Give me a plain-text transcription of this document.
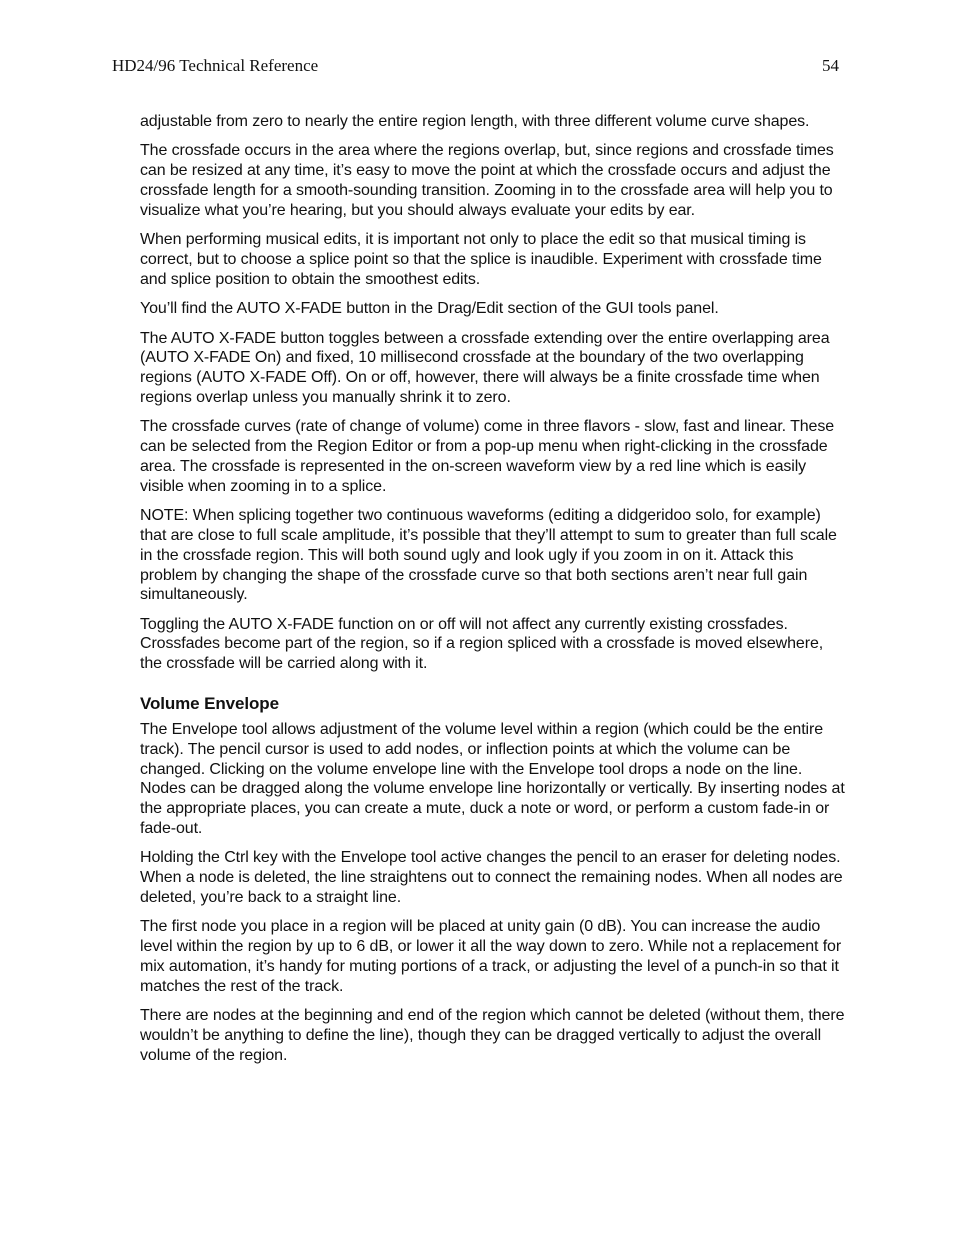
HD24/96 Technical Reference	54

adjustable from zero to nearly the entire region length, with three different volume curve shapes.

The crossfade occurs in the area where the regions overlap, but, since regions and crossfade times can be resized at any time, it’s easy to move the point at which the crossfade occurs and adjust the crossfade length for a smooth-sounding transition. Zooming in to the crossfade area will help you to visualize what you’re hearing, but you should always evaluate your edits by ear.

When performing musical edits, it is important not only to place the edit so that musical timing is correct, but to choose a splice point so that the splice is inaudible. Experiment with crossfade time and splice position to obtain the smoothest edits.

You’ll find the AUTO X-FADE button in the Drag/Edit section of the GUI tools panel.

The AUTO X-FADE button toggles between a crossfade extending over the entire overlapping area (AUTO X-FADE On) and fixed, 10 millisecond crossfade at the boundary of the two overlapping regions (AUTO X-FADE Off). On or off, however, there will always be a finite crossfade time when regions overlap unless you manually shrink it to zero.

The crossfade curves (rate of change of volume) come in three flavors - slow, fast and linear. These can be selected from the Region Editor or from a pop-up menu when right-clicking in the crossfade area. The crossfade is represented in the on-screen waveform view by a red line which is easily visible when zooming in to a splice.

NOTE: When splicing together two continuous waveforms (editing a didgeridoo solo, for example) that are close to full scale amplitude, it’s possible that they’ll attempt to sum to greater than full scale in the crossfade region. This will both sound ugly and look ugly if you zoom in on it. Attack this problem by changing the shape of the crossfade curve so that both sections aren’t near full gain simultaneously.

Toggling the AUTO X-FADE function on or off will not affect any currently existing crossfades. Crossfades become part of the region, so if a region spliced with a crossfade is moved elsewhere, the crossfade will be carried along with it.

Volume Envelope

The Envelope tool allows adjustment of the volume level within a region (which could be the entire track). The pencil cursor is used to add nodes, or inflection points at which the volume can be changed. Clicking on the volume envelope line with the Envelope tool drops a node on the line. Nodes can be dragged along the volume envelope line horizontally or vertically. By inserting nodes at the appropriate places, you can create a mute, duck a note or word, or perform a custom fade-in or fade-out.

Holding the Ctrl key with the Envelope tool active changes the pencil to an eraser for deleting nodes. When a node is deleted, the line straightens out to connect the remaining nodes. When all nodes are deleted, you’re back to a straight line.

The first node you place in a region will be placed at unity gain (0 dB). You can increase the audio level within the region by up to 6 dB, or lower it all the way down to zero. While not a replacement for mix automation, it’s handy for muting portions of a track, or adjusting the level of a punch-in so that it matches the rest of the track.

There are nodes at the beginning and end of the region which cannot be deleted (without them, there wouldn’t be anything to define the line), though they can be dragged vertically to adjust the overall volume of the region.
